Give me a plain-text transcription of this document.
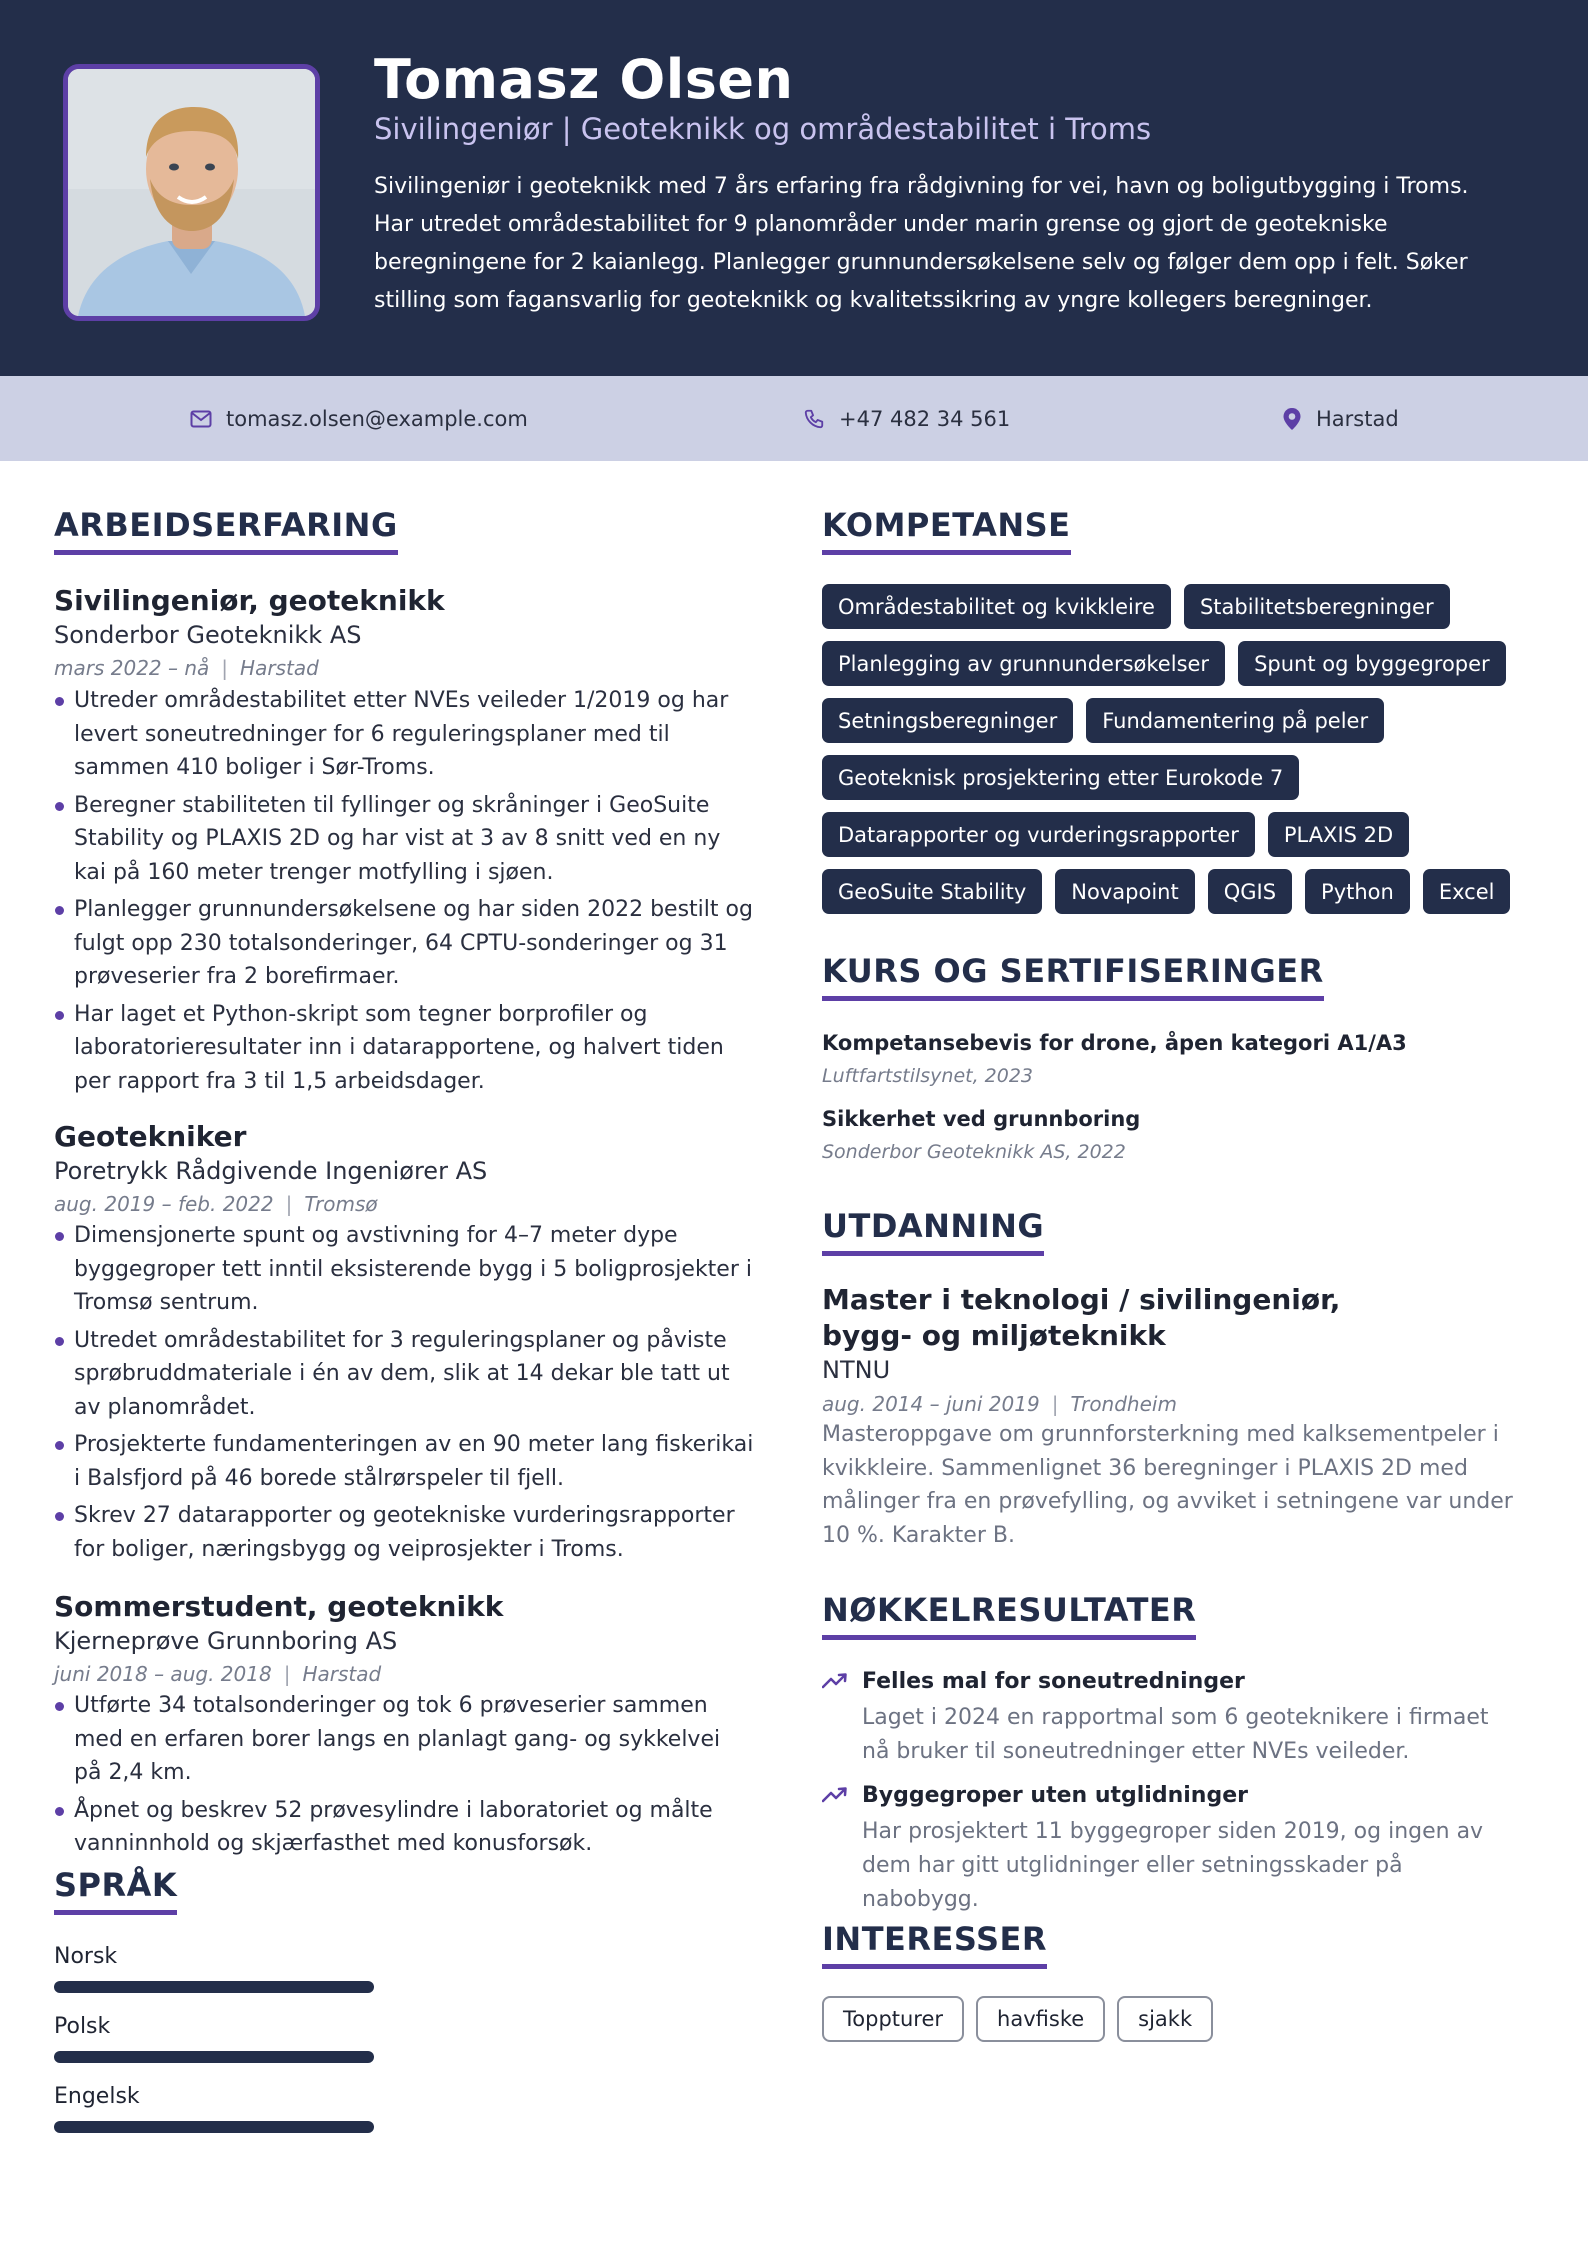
Tomasz Olsen
Sivilingeniør | Geoteknikk og områdestabilitet i Troms
Sivilingeniør i geoteknikk med 7 års erfaring fra rådgivning for vei, havn og boligutbygging i Troms. Har utredet områdestabilitet for 9 planområder under marin grense og gjort de geotekniske beregningene for 2 kaianlegg. Planlegger grunnundersøkelsene selv og følger dem opp i felt. Søker stilling som fagansvarlig for geoteknikk og kvalitetssikring av yngre kollegers beregninger.
tomasz.olsen@example.com	+47 482 34 561	Harstad
ARBEIDSERFARING
Sivilingeniør, geoteknikk
Sonderbor Geoteknikk AS
mars 2022 – nå | Harstad
Utreder områdestabilitet etter NVEs veileder 1/2019 og har levert soneutredninger for 6 reguleringsplaner med til sammen 410 boliger i Sør-Troms.
Beregner stabiliteten til fyllinger og skråninger i GeoSuite Stability og PLAXIS 2D og har vist at 3 av 8 snitt ved en ny kai på 160 meter trenger motfylling i sjøen.
Planlegger grunnundersøkelsene og har siden 2022 bestilt og fulgt opp 230 totalsonderinger, 64 CPTU-sonderinger og 31 prøveserier fra 2 borefirmaer.
Har laget et Python-skript som tegner borprofiler og laboratorieresultater inn i datarapportene, og halvert tiden per rapport fra 3 til 1,5 arbeidsdager.
Geotekniker
Poretrykk Rådgivende Ingeniører AS
aug. 2019 – feb. 2022 | Tromsø
Dimensjonerte spunt og avstivning for 4–7 meter dype byggegroper tett inntil eksisterende bygg i 5 boligprosjekter i Tromsø sentrum.
Utredet områdestabilitet for 3 reguleringsplaner og påviste sprøbruddmateriale i én av dem, slik at 14 dekar ble tatt ut av planområdet.
Prosjekterte fundamenteringen av en 90 meter lang fiskerikai i Balsfjord på 46 borede stålrørspeler til fjell.
Skrev 27 datarapporter og geotekniske vurderingsrapporter for boliger, næringsbygg og veiprosjekter i Troms.
Sommerstudent, geoteknikk
Kjerneprøve Grunnboring AS
juni 2018 – aug. 2018 | Harstad
Utførte 34 totalsonderinger og tok 6 prøveserier sammen med en erfaren borer langs en planlagt gang- og sykkelvei på 2,4 km.
Åpnet og beskrev 52 prøvesylindre i laboratoriet og målte vanninnhold og skjærfasthet med konusforsøk.
SPRÅK
Norsk
Polsk
Engelsk
KOMPETANSE
Områdestabilitet og kvikkleire	Stabilitetsberegninger
Planlegging av grunnundersøkelser	Spunt og byggegroper
Setningsberegninger	Fundamentering på peler
Geoteknisk prosjektering etter Eurokode 7
Datarapporter og vurderingsrapporter	PLAXIS 2D
GeoSuite Stability	Novapoint	QGIS	Python	Excel
KURS OG SERTIFISERINGER
Kompetansebevis for drone, åpen kategori A1/A3
Luftfartstilsynet, 2023
Sikkerhet ved grunnboring
Sonderbor Geoteknikk AS, 2022
UTDANNING
Master i teknologi / sivilingeniør, bygg- og miljøteknikk
NTNU
aug. 2014 – juni 2019 | Trondheim
Masteroppgave om grunnforsterkning med kalksementpeler i kvikkleire. Sammenlignet 36 beregninger i PLAXIS 2D med målinger fra en prøvefylling, og avviket i setningene var under 10 %. Karakter B.
NØKKELRESULTATER
Felles mal for soneutredninger
Laget i 2024 en rapportmal som 6 geoteknikere i firmaet nå bruker til soneutredninger etter NVEs veileder.
Byggegroper uten utglidninger
Har prosjektert 11 byggegroper siden 2019, og ingen av dem har gitt utglidninger eller setningsskader på nabobygg.
INTERESSER
Toppturer	havfiske	sjakk
